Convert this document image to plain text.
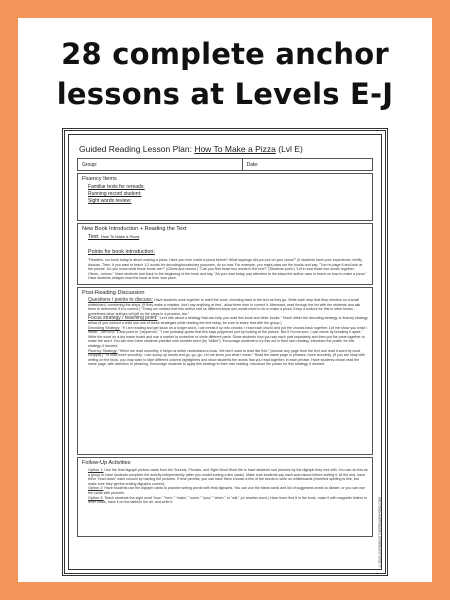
28 complete anchor
lessons at Levels E-J
Guided Reading Lesson Plan: How To Make a Pizza (Lvl E)
Group:	Date:
Fluency Items
Familiar texts for rereads:
Running record student:
Sight words review:
New Book Introduction + Reading the Text
Text: How To Make a Pizza
Points for book introduction:
"Readers, our book today is about making a pizza. Have you ever made a pizza before? What toppings did you put on your pizza?" (If students have prior experience, briefly discuss. Then, if you want to teach 1-2 words for decoding/vocabulary purposes, do so now. For example, you might pass out the books and say, "Turn to page 6 and look at the picture. Do you know what those foods are?" (Olives and onions.) "Can you find those two words in the text?" (Students point.) "Let's read those two words together. Olives...onions." Have students turn back to the beginning of the book and say, "As you read today, pay attention to the steps the author uses to teach us how to make a pizza." Have students whisper read the book at their own pace.
Post-Reading Discussion
Questions / points to discuss: Have students work together to retell the book, checking back in the text as they go. Write each step that they mention on a small whiteboard, numbering the steps. (If they make a mistake, don't say anything at first - allow them time to correct it. Afterward, read through the list with the students and ask them to determine if it is correct.) "Today we noticed that this author told us different steps you would need to do to make a pizza. Keep a lookout for this in other books - sometimes other authors will tell us the steps in a process, too."
Focus strategy / teaching point: "Let's talk about a strategy that can help you read this book and other books." Teach either the decoding strategy or fluency strategy below (if you noticed a child use one of these strategies while reading the text today, be sure to share that with the group.)
Decoding Strategy: "If I am reading and get stuck on a longer word, I can break it up into chunks. I read each chunk and put the chunks back together. Let me show you what I mean." Turn to p. 4 and point to "pepperoni." "I can probably guess that this says pepperoni just by looking at the picture. But if I'm not sure, I can check by breaking it apart." Write the word on a dry erase board and use a marker to underline or circle different parts. Show students how you say each part separately and then put the parts together to make the word. You can then have students practice with another word (try "skillet"). Encourage students to try this out in their own reading. Introduce the poster for this strategy, if desired.
Fluency Strategy: "When we read smoothly, it helps us better understand a book. We don't want to read like this:" (choose any page from the text and read it word by word, choppily.) "To read more smoothly, I can scoop up words and go, go, go. Let me show you what I mean." Read the same page in phrases, more smoothly. (If you are okay with writing on the book, you may want to take different colored highlighters and show students the words that you read together, in each phrase. Have students choral read the same page, with attention to phrasing. Encourage students to apply this strategy to their own reading. Introduce the poster for this strategy, if desired.
Follow-Up Activities
Option 1: Use the final digraph picture cards from the Sounds, Phonics, and Sight Word Work file to have students sort pictures by the digraph they end with. You can do this as a group or have students complete the activity independently (after you model sorting a few cards). Make sure students say each word aloud before sorting it. At the end, have them "read down" each column by naming the pictures. If time permits, you can have them choose a few of the words to write on whiteboards (invented spelling is fine, but make sure they get the ending digraphs correct).
Option 2: Have students use the digraph cards to practice writing words with final digraphs. You can use the blank cards and list of suggested words to dictate, or you can use the cards with pictures.
Option 3: Teach students the sight word "how." "here," "make," "some," "your," "when," or "will," (or another word.) Have them find it in the book, make it with magnetic letters or letter cards, trace it on the table/in the air, and write it.	©2016 LEARNINGATTHEPRIMARYPOND.COM
